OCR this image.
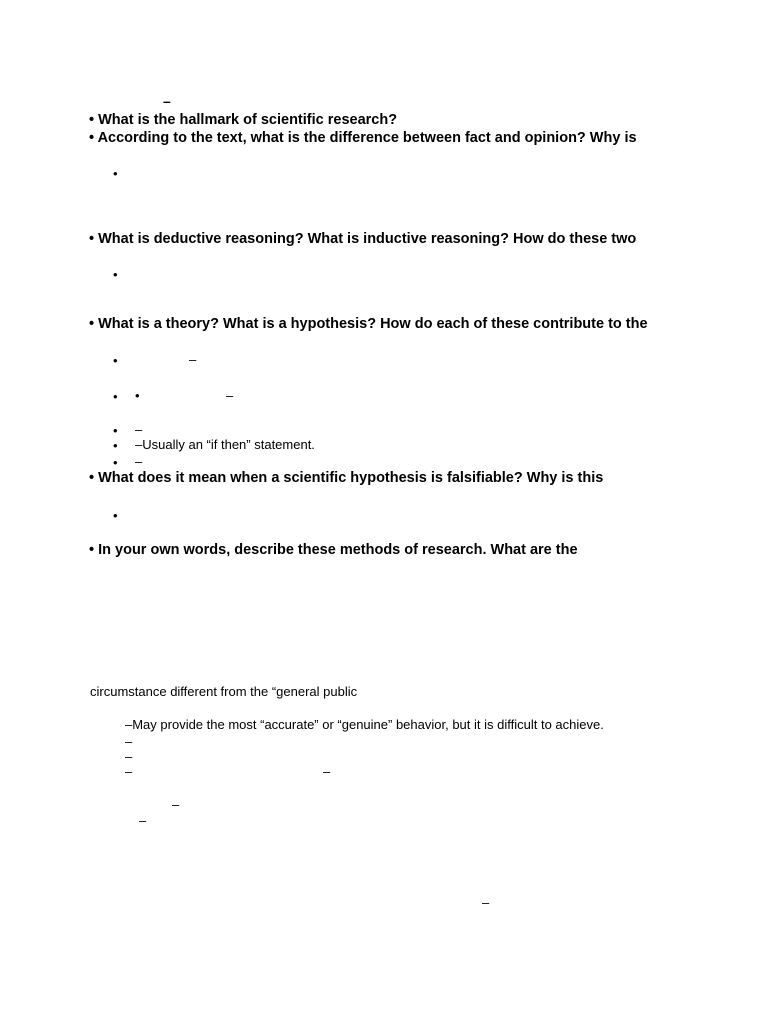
–
• What is the hallmark of scientific research?
• According to the text, what is the difference between fact and opinion? Why is
•
• What is deductive reasoning? What is inductive reasoning? How do these two
•
• What is a theory? What is a hypothesis? How do each of these contribute to the
•	–
• •	–
• –
• –Usually an “if then” statement.
• –
• What does it mean when a scientific hypothesis is falsifiable? Why is this
•
• In your own words, describe these methods of research. What are the
circumstance different from the “general public
–May provide the most “accurate” or “genuine” behavior, but it is difficult to achieve.
–
–
–	–
–
–
–
